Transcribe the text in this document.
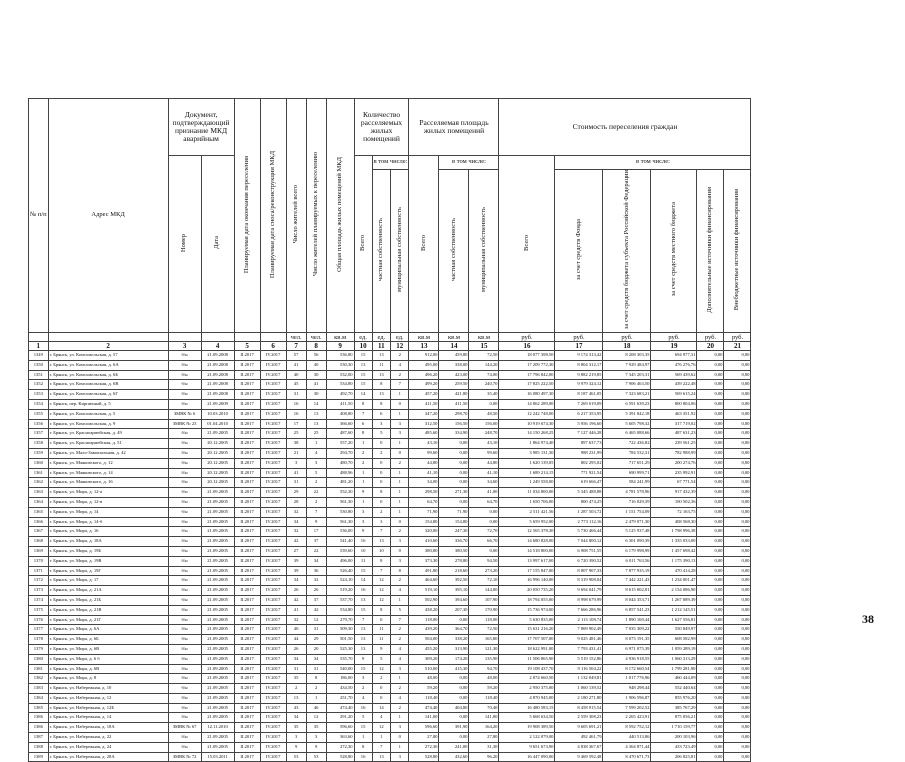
№ п/п	Адрес МКД	Документ, подтверждающий признание МКД аварийным		Планируемая дата окончания переселения	Планируемая дата сноса/реконструкции МКД	Число жителей всего	Число жителей планируемых к переселению	Общая площадь жилых помещений МКД	Количество расселяемых жилых помещений			Расселяемая площадь жилых помещений			Стоимость переселения граждан					
		Номер	Дата						Всего	в том числе:		Всего	в том числе:		Всего	в том числе:				
										частная собственность	муниципальная собственность		частная собственность	муниципальная собственность		за счет средств Фонда	за счет средств бюджета субъекта Российской Федерации	за счет средств местного бюджета	Дополнительные источники финансирования	Внебюджетные источники финансирования
						чел.	чел.	кв.м	ед.	ед.	ед.	кв.м	кв.м	кв.м	руб.	руб.	руб.	руб.	руб.	руб.
1	2	3	4	5	6	7	8	9	10	11	12	13	14	15	16	17	18	19	20	21
1349	г. Брянск, ул. Комсомольская, д. 57	б/н	21.09.2008	II.2017	IV.2017	57	56	536,80	15	13	2	912,00	459,80	72,50	18 077 398,50	9 174 313,42	8 208 303,35	694 977,31	0,00	0,00
1350	г. Брянск, ул. Комсомольская, д. 6А	б/н	21.09.2008	II.2017	IV.2017	41	40	530,30	13	11	4	495,00	338,00	144,20	17 209 772,30	8 804 312,17	7 929 484,97	476 276,76	0,00	0,00
1351	г. Брянск, ул. Комсомольская, д. 6Б	б/н	21.09.2008	II.2017	IV.2017	40	30	532,00	15	13	2	496,20	423,00	74,00	17 796 842,00	9 882 219,85	7 345 203,31	569 439,62	0,00	0,00
1352	г. Брянск, ул. Комсомольская, д. 6В	б/н	21.09.2008	II.2017	IV.2017	45	41	534,80	15	8	7	499,20	259,50	240,70	17 825 222,50	9 979 324,12	7 906 463,50	439 222,48	0,00	0,00
1353	г. Брянск, ул. Комсомольская, д. 6Г	б/н	21.09.2008	II.2017	IV.2017	31	30	492,70	14	13	1	457,20	421,80	35,40	16 080 497,30	8 187 461,05	7 323 683,21	569 615,24	0,00	0,00
1354	г. Брянск, пер. Кирпичный, д. 5	б/н	21.09.2009	II.2017	IV.2017	16	14	411,50	8	8	0	411,50	411,50	0,00	14 862 289,00	7 269 019,09	6 591 639,23	800 804,06	0,00	0,00
1355	г. Брянск, ул. Комсомольская, д. 5	ЗМВК № 6	10.03.2010	II.2017	IV.2017	16	13	408,80	7	6	1	347,20	298,70	48,50	12 242 748,00	6 217 353,95	5 391 842,18	463 351,92	0,00	0,00
1356	г. Брянск, ул. Комсомольская, д. 9	ЗМВК № 23	01.04.2010	II.2017	IV.2017	17	13	366,60	6	3	3	312,50	156,50	156,00	10 919 674,30	5 956 196,60	5 605 798,32	317 719,02	0,00	0,00
1357	г. Брянск, ул. Красноармейская, д. 49	б/н	21.09.2005	II.2017	IV.2017	25	25	487,60	8	5	3	485,60	334,90	248,70	14 150 268,25	7 127 446,28	6 465 088,66	487 631,23	0,00	0,00
1358	г. Брянск, ул. Красноармейская, д. 51	б/н	20.12.2005	II.2017	IV.2017	38	1	557,20	1	0	1	43,10	0,00	43,10	1 864 974,40	897 637,73	722 436,82	239 561,25	0,00	0,00
1359	г. Брянск, ул. Мало-Завокзальная, д. 42	б/н	20.12.2005	II.2017	IV.2017	21	4	294,70	2	2	0	99,60	0,00	99,60	3 985 131,30	988 231,99	784 532,31	782 988,99	0,00	0,00
1360	г. Брянск, ул. Маяковского, д. 12	б/н	20.12.2005	II.2017	IV.2017	3	3	480,70	2	0	2	44,80	0,00	44,80	1 620 139,05	802 295,02	717 651,29	200 274,76	0,00	0,00
1361	г. Брянск, ул. Маяковского, д. 14	б/н	20.12.2005	II.2017	IV.2017	41	5	488,96	1	0	1	41,10	0,00	41,10	1 689 214,15	771 921,54	690 999,71	235 992,91	0,00	0,00
1362	г. Брянск, ул. Маяковского, д. 16	б/н	20.12.2005	II.2017	IV.2017	31	2	481,20	1	0	1	34,00	0,00	34,60	1 249 558,00	619 666,47	584 241,99	67 771,54	0,00	0,00
1363	г. Брянск, ул. Мира, д. 12-а	б/н	21.09.2005	II.2017	IV.2017	29	22	552,30	9	8	1	298,50	271,30	41,00	11 034 800,00	5 345 488,88	4 781 578,96	917 432,39	0,00	0,00
1364	г. Брянск, ул. Мира, д. 12-в	б/н	21.09.2005	II.2017	IV.2017	28	2	561,30	1	0	1	64,70	0,00	64,70	1 650 706,00	800 474,25	716 029,39	100 502,36	0,00	0,00
1365	г. Брянск, ул. Мира, д. 14	б/н	21.09.2005	II.2017	IV.2017	32	7	530,80	3	2	1	71,90	71,90	0,00	2 511 421,56	1 287 503,72	1 151 754,09	72 163,75	0,00	0,00
1366	г. Брянск, ул. Мира, д. 14-б	б/н	21.09.2005	II.2017	IV.2017	34	9	561,30	3	3	0	154,80	154,80	0,00	5 659 952,00	2 773 112,16	2 479 071,30	408 568,30	0,00	0,00
1367	г. Брянск, ул. Мира, д. 16	б/н	21.09.2005	II.2017	IV.2017	32	17	536,00	9	7	2	320,00	247,30	72,70	12 565 378,30	5 730 466,44	5 125 937,48	1 798 996,38	0,00	0,00
1368	г. Брянск, ул. Мира, д. 18А	б/н	21.09.2005	II.2017	IV.2017	42	37	541,40	16	13	3	410,60	336,70	66,70	14 680 828,00	7 044 800,12	6 301 090,39	1 335 033,00	0,00	0,00
1369	г. Брянск, ул. Мира, д. 19Б	б/н	21.09.2005	II.2017	IV.2017	27	22	539,60	10	10	0	380,80	380,50	0,00	14 518 800,00	6 908 751,55	6 179 998,99	1 457 698,42	0,00	0,00
1370	г. Брянск, ул. Мира, д. 19В	б/н	21.09.2005	II.2017	IV.2017	39	34	496,00	11	8	3	373,30	278,80	94,50	13 997 617,00	6 720 390,52	6 011 763,56	1 175 390,13	0,00	0,00
1371	г. Брянск, ул. Мира, д. 19Г	б/н	21.09.2005	II.2017	IV.2017	39	36	526,40	15	7	8	491,80	218,60	273,20	17 155 847,00	8 807 907,33	7 877 935,19	470 414,28	0,00	0,00
1372	г. Брянск, ул. Мира, д. 17	б/н	21.09.2005	II.2017	IV.2017	34	32	524,10	14	12	2	464,60	392,50	72,10	16 996 140,00	8 319 908,04	7 442 221,43	1 234 001,47	0,00	0,00
1373	г. Брянск, ул. Мира, д. 21А	б/н	21.09.2005	II.2017	IV.2017	26	26	519,20	16	12	4	519,10	395,10	144,00	20 050 735,20	9 694 041,79	8 615 002,81	2 154 086,90	0,00	0,00
1374	г. Брянск, ул. Мира, д. 21Б	б/н	21.09.2005	II.2017	IV.2017	42	37	537,70	13	12	1	502,90	394,60	107,90	18 794 055,00	8 998 679,99	8 044 353,71	1 267 089,39	0,00	0,00
1375	г. Брянск, ул. Мира, д. 21В	б/н	21.09.2005	II.2017	IV.2017	41	42	534,80	15	8	5	438,20	207,30	170,90	15 736 974,00	7 666 286,96	6 857 541,23	1 212 145,51	0,00	0,00
1376	г. Брянск, ул. Мира, д. 21Г	б/н	21.09.2005	II.2017	IV.2017	32	12	279,70	7	0	7	118,00	0,00	118,00	5 630 835,00	2 113 108,74	1 890 169,44	1 627 556,81	0,00	0,00
1377	г. Брянск, ул. Мира, д. 6А	б/н	21.09.2005	II.2017	IV.2017	40	31	509,30	13	11	2	439,20	364,70	72,50	15 631 216,20	7 869 902,49	7 035 309,22	550 849,97	0,00	0,00
1378	г. Брянск, ул. Мира, д. 6Б	б/н	21.09.2005	II.2017	IV.2017	44	29	501,50	13	11	2	504,00	338,20	165,80	17 707 507,00	9 025 481,46	8 073 191,35	608 582,99	0,00	0,00
1379	г. Брянск, ул. Мира, д. 6В	б/н	21.09.2005	II.2017	IV.2017	26	20	525,30	13	9	4	455,20	313,90	121,30	18 622 991,00	7 793 431,41	6 971 075,39	1 059 289,19	0,00	0,00
1380	г. Брянск, ул. Мира, д. 6 б	б/н	21.09.2005	II.2017	IV.2017	34	34	535,70	9	5	4	309,20	174,20	135,90	11 506 865,90	5 519 152,86	4 936 918,55	1 060 313,29	0,00	0,00
1381	г. Брянск, ул. Мира, д. 6В	б/н	21.09.2005	II.2017	IV.2017	31	31	540,00	15	12	3	510,00	415,30	94,70	19 108 437,70	9 116 504,22	8 172 660,54	1 799 281,90	0,00	0,00
1382	г. Брянск, ул. Мира, д. 8	б/н	21.09.2005	II.2017	IV.2017	35	8	186,00	3	2	1	48,00	0,00	48,00	2 874 660,50	1 132 049,81	1 017 776,96	460 444,09	0,00	0,00
1383	г. Брянск, ул. Набережная, д. 10	б/н	21.09.2005	II.2017	IV.2017	2	2	434,50	2	0	2	59,20	0,00	59,20	2 950 375,00	1 060 139,52	948 298,44	552 440,64	0,00	0,00
1384	г. Брянск, ул. Набережная, д. 12	б/н	21.09.2005	II.2017	IV.2017	13	1	251,70	4	0	4	118,40	0,00	118,40	4 870 945,00	2 180 271,80	1 906 596,87	855 976,20	0,00	0,00
1385	г. Брянск, ул. Набережная, д. 12Б	б/н	21.09.2005	II.2017	IV.2017	43	46	474,40	16	14	2	474,40	404,80	70,40	16 480 583,15	8 458 915,54	7 599 202,52	385 767,29	0,00	0,00
1386	г. Брянск, ул. Набережная, д. 14	б/н	21.09.2005	II.2017	IV.2017	34	12	291,20	5	4	1	141,00	0,00	141,00	5 668 634,50	2 559 308,23	2 265 423,91	875 056,21	0,00	0,00
1386	г. Брянск, ул. Набережная, д. 18А	ЗМВК № 67	12.11.2010	II.2017	IV.2017	35	35	596,60	15	12	3	596,60	391,90	164,20	19 908 389,50	9 605 691,21	8 592 752,12	1 710 159,77	0,00	0,00
1387	г. Брянск, ул. Набережная, д. 22	б/н	21.09.2005	II.2017	IV.2017	3	3	363,60	1	1	0	27,80	0,00	27,80	2 122 079,00	492 461,79	440 513,86	200 103,96	0,00	0,00
1388	г. Брянск, ул. Набережная, д. 24	б/н	21.09.2005	II.2017	IV.2017	9	9	272,30	8	7	1	272,30	241,00	31,30	9 651 673,90	4 838 367,67	4 364 871,44	433 723,49	0,00	0,00
1389	г. Брянск, ул. Набережная, д. 28А	ЗМВК № 72	15.03.2011	II.2017	IV.2017	53	53	528,80	16	13	3	528,80	432,60	96,20	16 447 090,00	9 469 592,48	8 470 671,73	206 825,81	0,00	0,00
38
